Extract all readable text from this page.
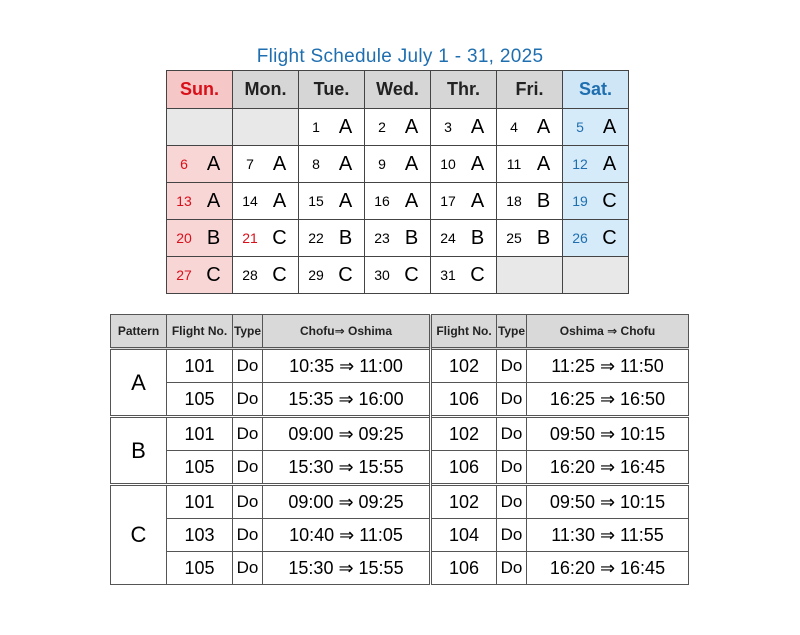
Flight Schedule July 1 - 31, 2025
Sun.	Mon.	Tue.	Wed.	Thr.	Fri.	Sat.

		1 A	2 A	3 A	4 A	5 A

6 A	7 A	8 A	9 A	10 A	11 A	12 A

13 A	14 A	15 A	16 A	17 A	18 B	19 C

20 B	21 C	22 B	23 B	24 B	25 B	26 C

27 C	28 C	29 C	30 C	31 C		

Pattern	Flight No.	Type	Chofu⇒ Oshima	Flight No.	Type	Oshima ⇒ Chofu
A	101	Do	10:35 ⇒ 11:00	102	Do	11:25 ⇒ 11:50
	105	Do	15:35 ⇒ 16:00	106	Do	16:25 ⇒ 16:50
B	101	Do	09:00 ⇒ 09:25	102	Do	09:50 ⇒ 10:15
	105	Do	15:30 ⇒ 15:55	106	Do	16:20 ⇒ 16:45
C	101	Do	09:00 ⇒ 09:25	102	Do	09:50 ⇒ 10:15
	103	Do	10:40 ⇒ 11:05	104	Do	11:30 ⇒ 11:55
	105	Do	15:30 ⇒ 15:55	106	Do	16:20 ⇒ 16:45
